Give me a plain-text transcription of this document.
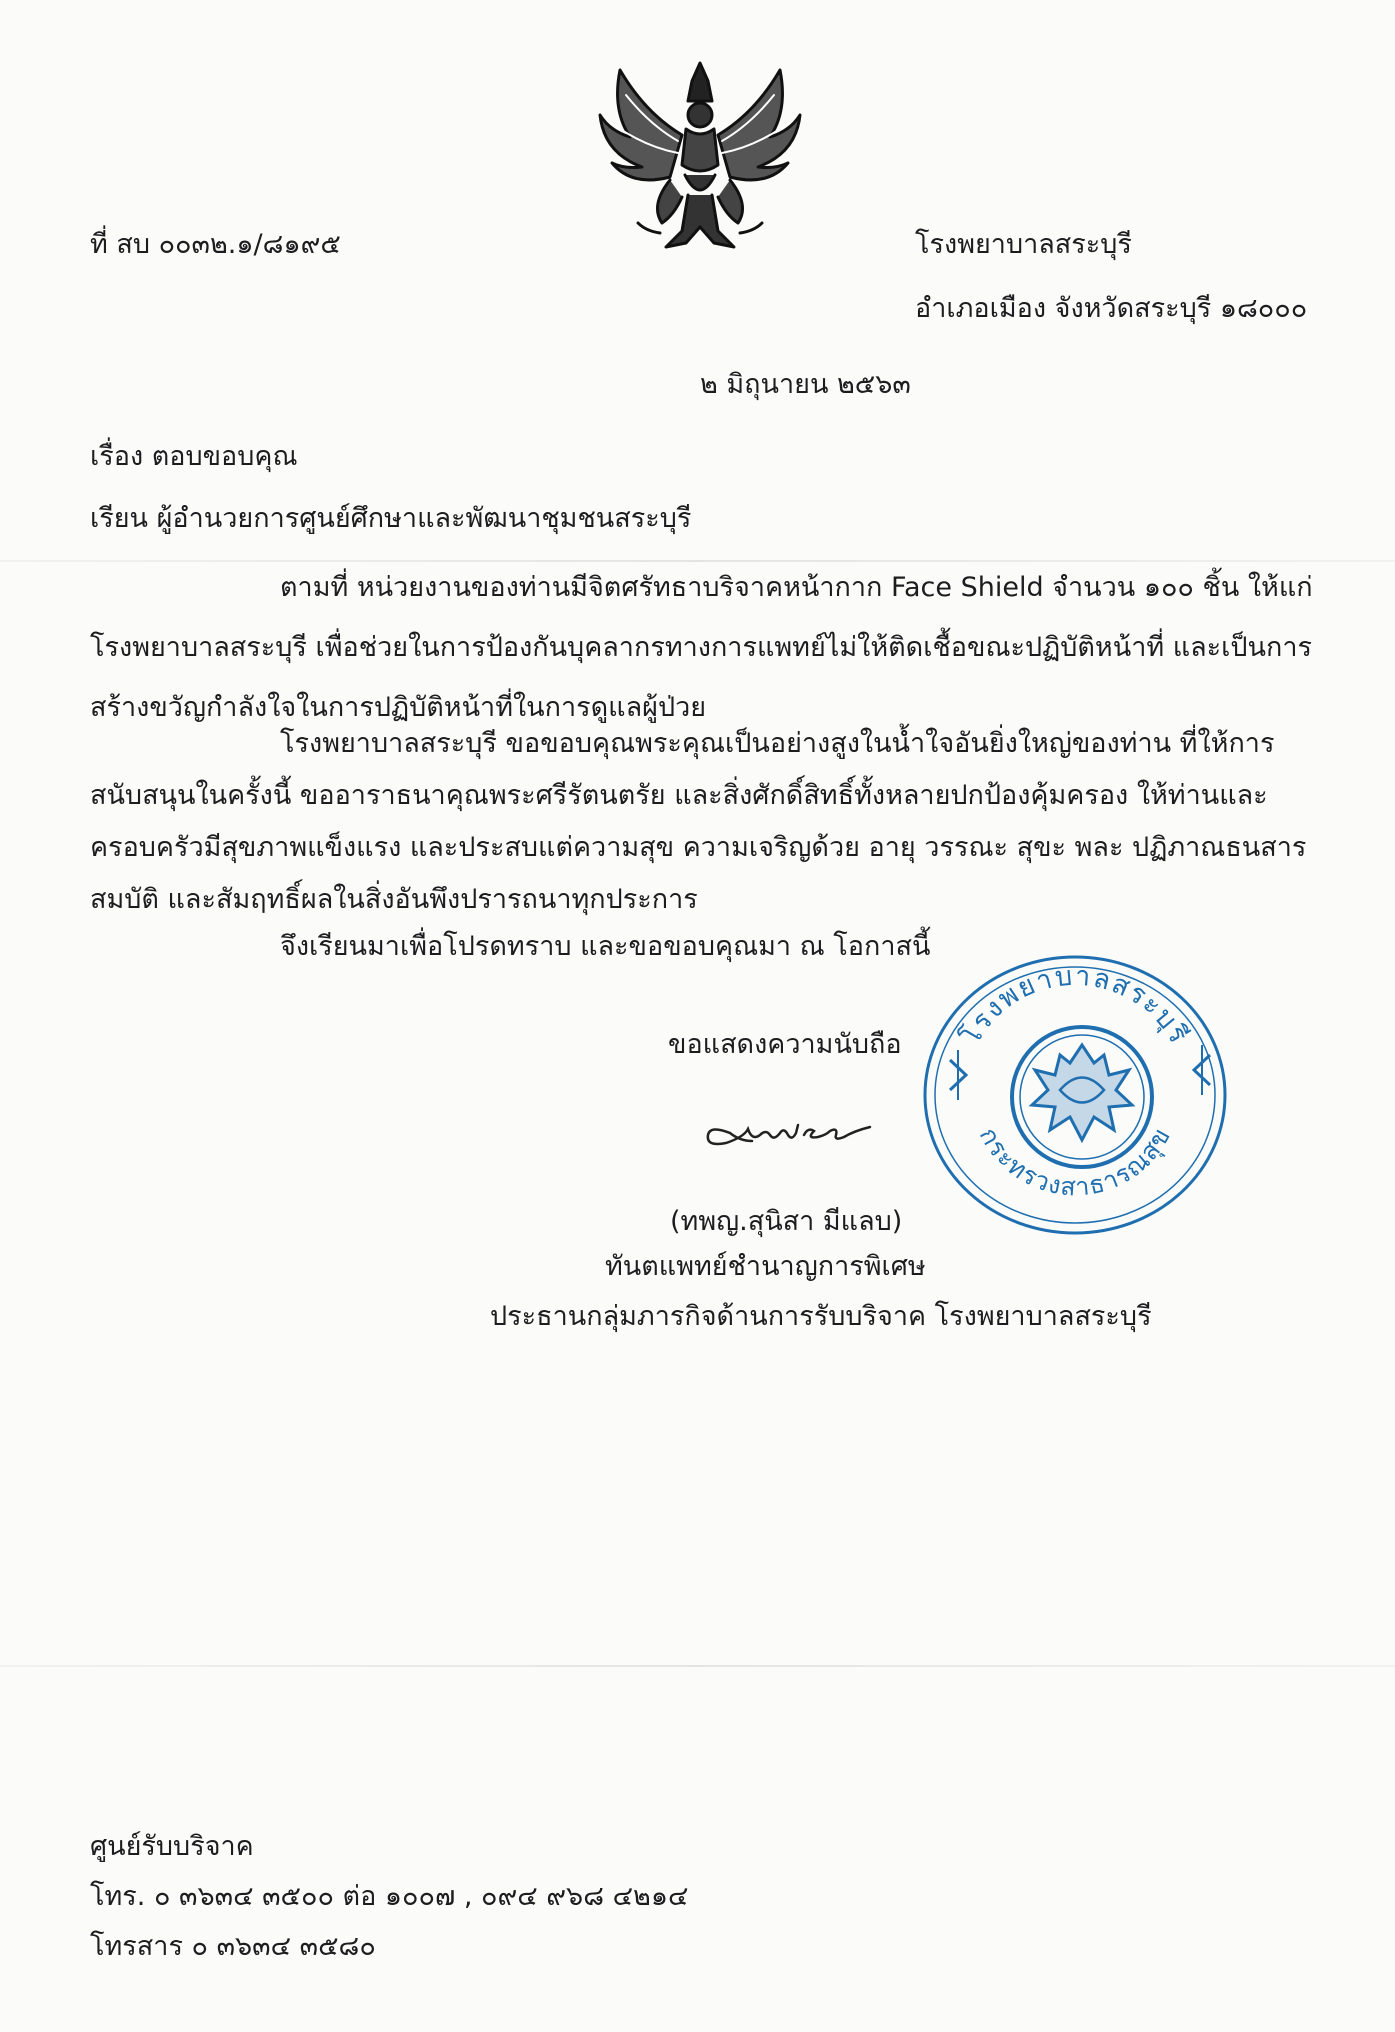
ที่ สบ ๐๐๓๒.๑/๘๑๙๕	โรงพยาบาลสระบุรี
อำเภอเมือง จังหวัดสระบุรี ๑๘๐๐๐
๒ มิถุนายน ๒๕๖๓
เรื่อง ตอบขอบคุณ
เรียน ผู้อำนวยการศูนย์ศึกษาและพัฒนาชุมชนสระบุรี
ตามที่ หน่วยงานของท่านมีจิตศรัทธาบริจาคหน้ากาก Face Shield จำนวน ๑๐๐ ชิ้น ให้แก่
โรงพยาบาลสระบุรี เพื่อช่วยในการป้องกันบุคลากรทางการแพทย์ไม่ให้ติดเชื้อขณะปฏิบัติหน้าที่ และเป็นการ
สร้างขวัญกำลังใจในการปฏิบัติหน้าที่ในการดูแลผู้ป่วย
โรงพยาบาลสระบุรี ขอขอบคุณพระคุณเป็นอย่างสูงในน้ำใจอันยิ่งใหญ่ของท่าน ที่ให้การ
สนับสนุนในครั้งนี้ ขออาราธนาคุณพระศรีรัตนตรัย และสิ่งศักดิ์สิทธิ์ทั้งหลายปกป้องคุ้มครอง ให้ท่านและ
ครอบครัวมีสุขภาพแข็งแรง และประสบแต่ความสุข ความเจริญด้วย อายุ วรรณะ สุขะ พละ ปฏิภาณธนสาร
สมบัติ และสัมฤทธิ์ผลในสิ่งอันพึงปรารถนาทุกประการ
จึงเรียนมาเพื่อโปรดทราบ และขอขอบคุณมา ณ โอกาสนี้
ขอแสดงความนับถือ
(ทพญ.สุนิสา มีแลบ)
ทันตแพทย์ชำนาญการพิเศษ
ประธานกลุ่มภารกิจด้านการรับบริจาค โรงพยาบาลสระบุรี
โรงพยาบาลสระบุรี
กระทรวงสาธารณสุข
ศูนย์รับบริจาค
โทร. ๐ ๓๖๓๔ ๓๕๐๐ ต่อ ๑๐๐๗ , ๐๙๔ ๙๖๘ ๔๒๑๔
โทรสาร ๐ ๓๖๓๔ ๓๕๘๐
